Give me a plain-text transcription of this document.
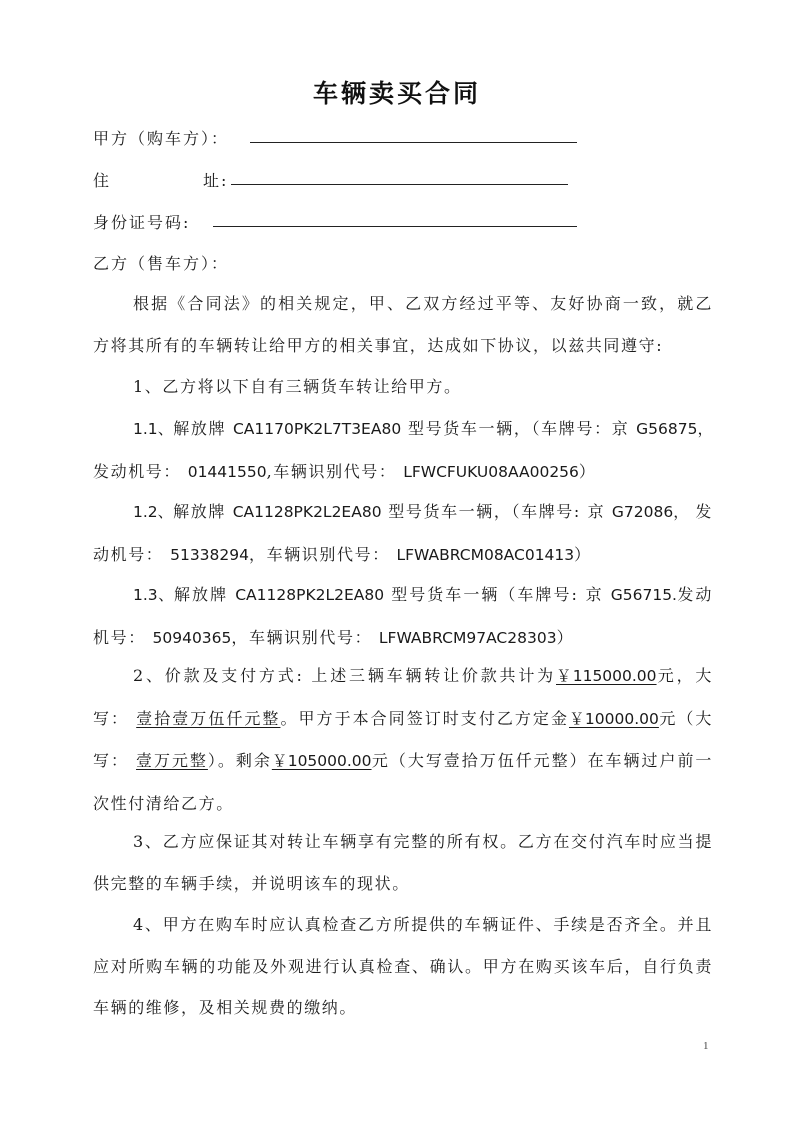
车辆卖买合同
甲方（购车方）：
住	址:
身份证号码:
乙方（售车方）：
根据《合同法》的相关规定，甲、乙双方经过平等、友好协商一致，就乙方将其所有的车辆转让给甲方的相关事宜，达成如下协议，以兹共同遵守:
1、乙方将以下自有三辆货车转让给甲方。
1.1、解放牌 CA1170PK2L7T3EA80 型号货车一辆，（车牌号：京 G56875， 发动机号： 01441550,车辆识别代号： LFWCFUKU08AA00256）
1.2、解放牌 CA1128PK2L2EA80 型号货车一辆，（车牌号: 京 G72086， 发动机号： 51338294，车辆识别代号： LFWABRCM08AC01413）
1.3、解放牌 CA1128PK2L2EA80 型号货车一辆（车牌号: 京 G56715.发动机号： 50940365，车辆识别代号： LFWABRCM97AC28303）
2、价款及支付方式: 上述三辆车辆转让价款共计为￥115000.00元，大写： 壹拾壹万伍仟元整。甲方于本合同签订时支付乙方定金￥10000.00元（大写： 壹万元整）。剩余￥105000.00元（大写壹拾万伍仟元整）在车辆过户前一次性付清给乙方。
3、乙方应保证其对转让车辆享有完整的所有权。乙方在交付汽车时应当提供完整的车辆手续，并说明该车的现状。
4、甲方在购车时应认真检查乙方所提供的车辆证件、手续是否齐全。并且应对所购车辆的功能及外观进行认真检查、确认。甲方在购买该车后，自行负责车辆的维修，及相关规费的缴纳。
1
